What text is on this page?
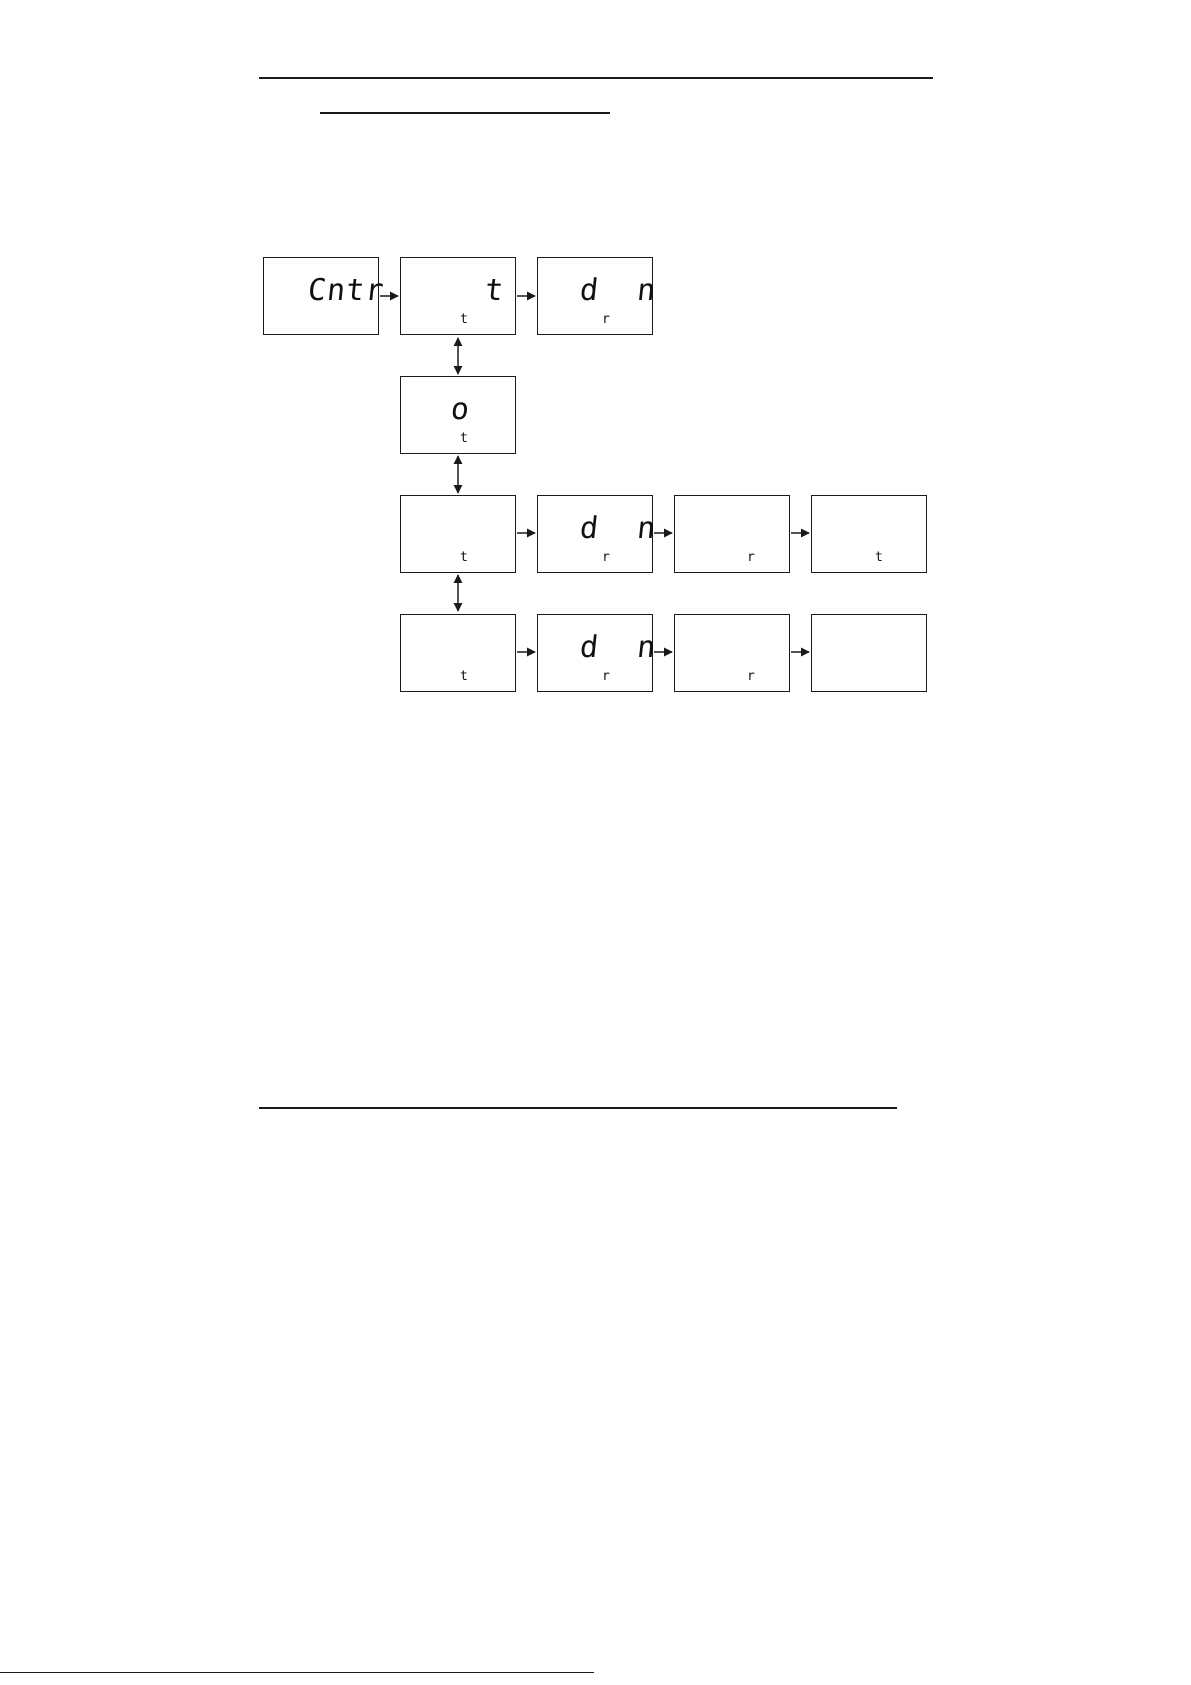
Cntr	t
t
d  n
r
o
t
t
d  n
r	r	t
t
d  n
r	r
